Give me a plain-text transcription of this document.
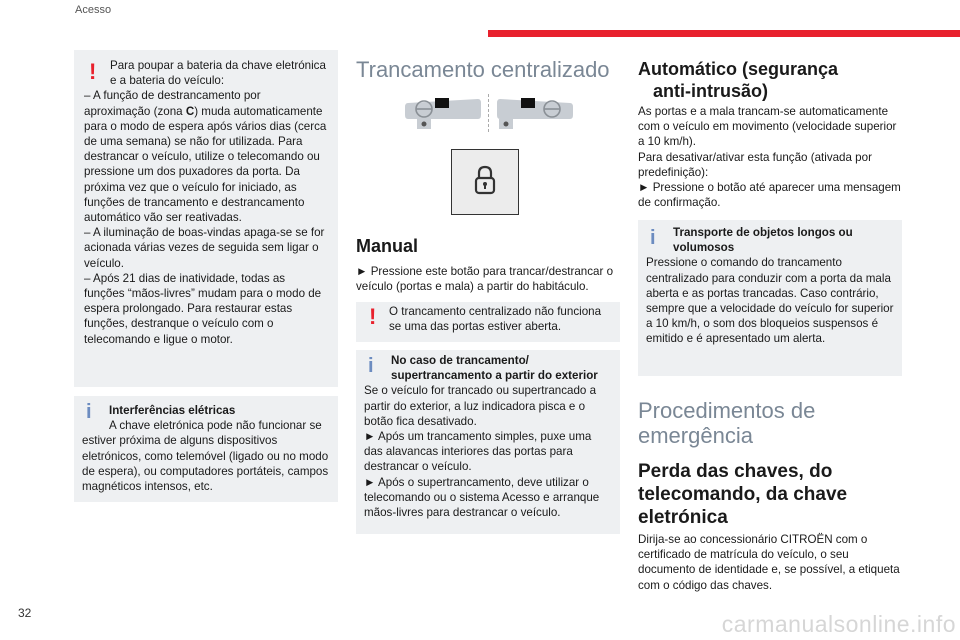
Acesso
! Para poupar a bateria da chave eletrónica e a bateria do veículo:

– A função de destrancamento por aproximação (zona C) muda automaticamente para o modo de espera após vários dias (cerca de uma semana) se não for utilizada. Para destrancar o veículo, utilize o telecomando ou pressione um dos puxadores da porta. Da próxima vez que o veículo for iniciado, as funções de trancamento e destrancamento automático vão ser reativadas.

– A iluminação de boas-vindas apaga-se se for acionada várias vezes de seguida sem ligar o veículo.

– Após 21 dias de inatividade, todas as funções “mãos-livres” mudam para o modo de espera prolongado. Para restaurar estas funções, destranque o veículo com o telecomando e ligue o motor.

i Interferências elétricas

A chave eletrónica pode não funcionar se estiver próxima de alguns dispositivos eletrónicos, como telemóvel (ligado ou no modo de espera), ou computadores portáteis, campos magnéticos intensos, etc.

Trancamento centralizado
Manual
► Pressione este botão para trancar/destrancar o veículo (portas e mala) a partir do habitáculo.
! O trancamento centralizado não funciona se uma das portas estiver aberta.
i No caso de trancamento/ supertrancamento a partir do exterior

Se o veículo for trancado ou supertrancado a partir do exterior, a luz indicadora pisca e o botão fica desativado.

► Após um trancamento simples, puxe uma das alavancas interiores das portas para destrancar o veículo.

► Após o supertrancamento, deve utilizar o telecomando ou o sistema Acesso e arranque mãos-livres para destrancar o veículo.

Automático (segurança
anti-intrusão)

As portas e a mala trancam-se automaticamente com o veículo em movimento (velocidade superior a 10 km/h).

Para desativar/ativar esta função (ativada por predefinição):

► Pressione o botão até aparecer uma mensagem de confirmação.

i Transporte de objetos longos ou volumosos

Pressione o comando do trancamento centralizado para conduzir com a porta da mala aberta e as portas trancadas. Caso contrário, sempre que a velocidade do veículo for superior a 10 km/h, o som dos bloqueios suspensos é emitido e é apresentado um alerta.

Procedimentos de emergência
Perda das chaves, do telecomando, da chave eletrónica
Dirija-se ao concessionário CITROËN com o certificado de matrícula do veículo, o seu documento de identidade e, se possível, a etiqueta com o código das chaves.
32	carmanualsonline.info
